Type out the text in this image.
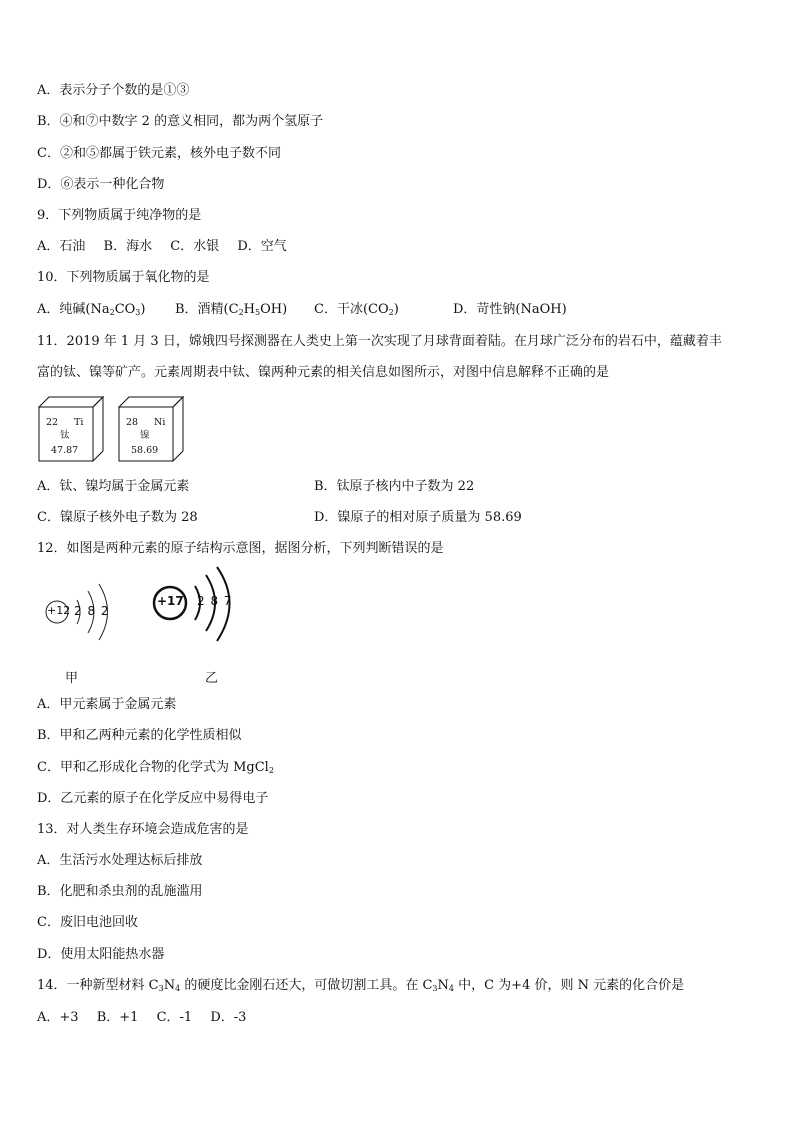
A．表示分子个数的是①③
B．④和⑦中数字 2 的意义相同，都为两个氢原子
C．②和⑤都属于铁元素，核外电子数不同
D．⑥表示一种化合物
9．下列物质属于纯净物的是
A．石油 B．海水 C．水银 D．空气
10．下列物质属于氧化物的是
A．纯碱$(Na_2CO_3)$ B．酒精$(C_2H_5OH)$ C．干冰$(CO_2)$	D．苛性钠(NaOH)
11．2019 年 1 月 3 日，嫦娥四号探测器在人类史上第一次实现了月球背面着陆。在月球广泛分布的岩石中，蕴藏着丰
富的钛、镍等矿产。元素周期表中钛、镍两种元素的相关信息如图所示，对图中信息解释不正确的是
22 Ti
钛
47.87
28 Ni
镍
58.69
A．钛、镍均属于金属元素	B．钛原子核内中子数为 22
C．镍原子核外电子数为 28	D．镍原子的相对原子质量为 58.69
12．如图是两种元素的原子结构示意图，据图分析，下列判断错误的是
+12 2 8 2
+17 2 8 7
甲	乙
A．甲元素属于金属元素
B．甲和乙两种元素的化学性质相似
C．甲和乙形成化合物的化学式为 MgCl$_2$
D．乙元素的原子在化学反应中易得电子
13．对人类生存环境会造成危害的是
A．生活污水处理达标后排放
B．化肥和杀虫剂的乱施滥用
C．废旧电池回收
D．使用太阳能热水器
14．一种新型材料 $C_3N_4$ 的硬度比金刚石还大，可做切割工具。在 $C_3N_4$ 中，C 为+4 价，则 N 元素的化合价是
A．+3 B．+1 C．-1 D．-3
